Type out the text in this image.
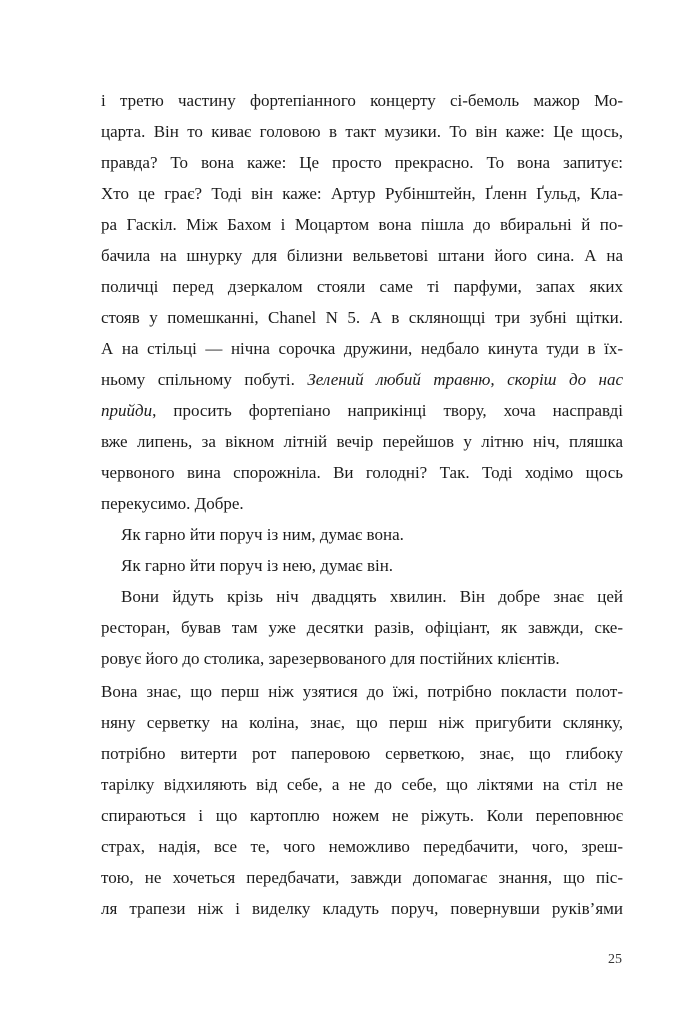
і третю частину фортепіанного концерту сі-бемоль мажор Мо-
царта. Він то киває головою в такт музики. То він каже: Це щось,
правда? То вона каже: Це просто прекрасно. То вона запитує:
Хто це грає? Тоді він каже: Артур Рубінштейн, Ґленн Ґульд, Кла-
ра Гаскіл. Між Бахом і Моцартом вона пішла до вбиральні й по-
бачила на шнурку для білизни вельветові штани його сина. А на
поличці перед дзеркалом стояли саме ті парфуми, запах яких
стояв у помешканні, Chanel N 5. А в склянощці три зубні щітки.
А на стільці — нічна сорочка дружини, недбало кинута туди в їх-
ньому спільному побуті. Зелений любий травню, скоріш до нас
прийди, просить фортепіано наприкінці твору, хоча насправді
вже липень, за вікном літній вечір перейшов у літню ніч, пляшка
червоного вина спорожніла. Ви голодні? Так. Тоді ходімо щось
перекусимо. Добре.
Як гарно йти поруч із ним, думає вона.
Як гарно йти поруч із нею, думає він.
Вони йдуть крізь ніч двадцять хвилин. Він добре знає цей
ресторан, бував там уже десятки разів, офіціант, як завжди, ске-
ровує його до столика, зарезервованого для постійних клієнтів.
Вона знає, що перш ніж узятися до їжі, потрібно покласти полот-
няну серветку на коліна, знає, що перш ніж пригубити склянку,
потрібно витерти рот паперовою серветкою, знає, що глибоку
тарілку відхиляють від себе, а не до себе, що ліктями на стіл не
спираються і що картоплю ножем не ріжуть. Коли переповнює
страх, надія, все те, чого неможливо передбачити, чого, зреш-
тою, не хочеться передбачати, завжди допомагає знання, що піс-
ля трапези ніж і виделку кладуть поруч, повернувши руків’ями
25
